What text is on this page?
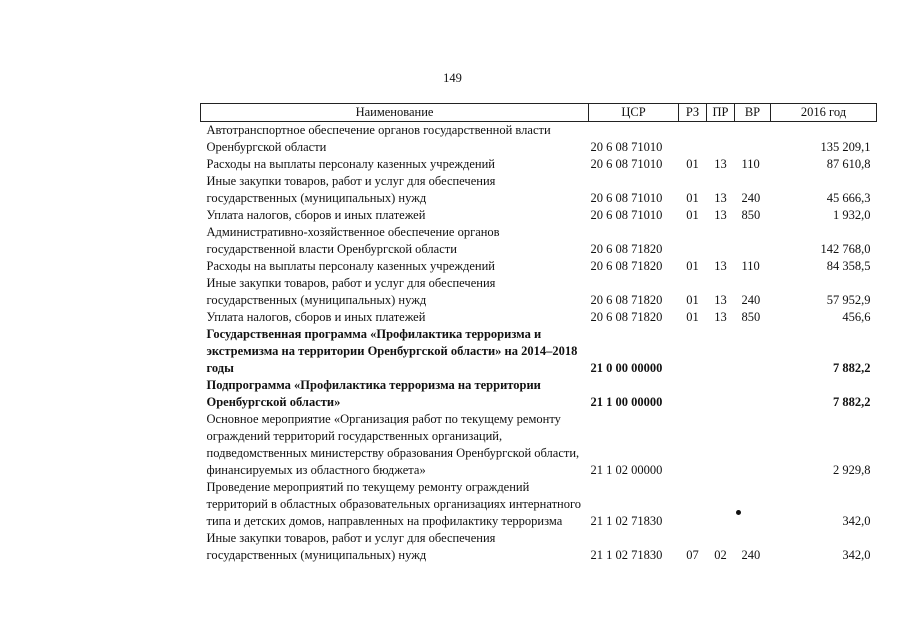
149
Наименование	ЦСР	РЗ	ПР	ВР	2016 год
Автотранспортное обеспечение органов государственной власти Оренбургской области	20 6 08 71010				135 209,1
Расходы на выплаты персоналу казенных учреждений	20 6 08 71010	01	13	110	87 610,8
Иные закупки товаров, работ и услуг для обеспечения государственных (муниципальных) нужд	20 6 08 71010	01	13	240	45 666,3
Уплата налогов, сборов и иных платежей	20 6 08 71010	01	13	850	1 932,0
Административно-хозяйственное обеспечение органов государственной власти Оренбургской области	20 6 08 71820				142 768,0
Расходы на выплаты персоналу казенных учреждений	20 6 08 71820	01	13	110	84 358,5
Иные закупки товаров, работ и услуг для обеспечения государственных (муниципальных) нужд	20 6 08 71820	01	13	240	57 952,9
Уплата налогов, сборов и иных платежей	20 6 08 71820	01	13	850	456,6
Государственная программа «Профилактика терроризма и экстремизма на территории Оренбургской области» на 2014–2018 годы	21 0 00 00000				7 882,2
Подпрограмма «Профилактика терроризма на территории Оренбургской области»	21 1 00 00000				7 882,2
Основное мероприятие «Организация работ по текущему ремонту ограждений территорий государственных организаций, подведомственных министерству образования Оренбургской области, финансируемых из областного бюджета»	21 1 02 00000				2 929,8
Проведение мероприятий по текущему ремонту ограждений территорий в областных образовательных организациях интернатного типа и детских домов, направленных на профилактику терроризма	21 1 02 71830				342,0
Иные закупки товаров, работ и услуг для обеспечения государственных (муниципальных) нужд	21 1 02 71830	07	02	240	342,0
